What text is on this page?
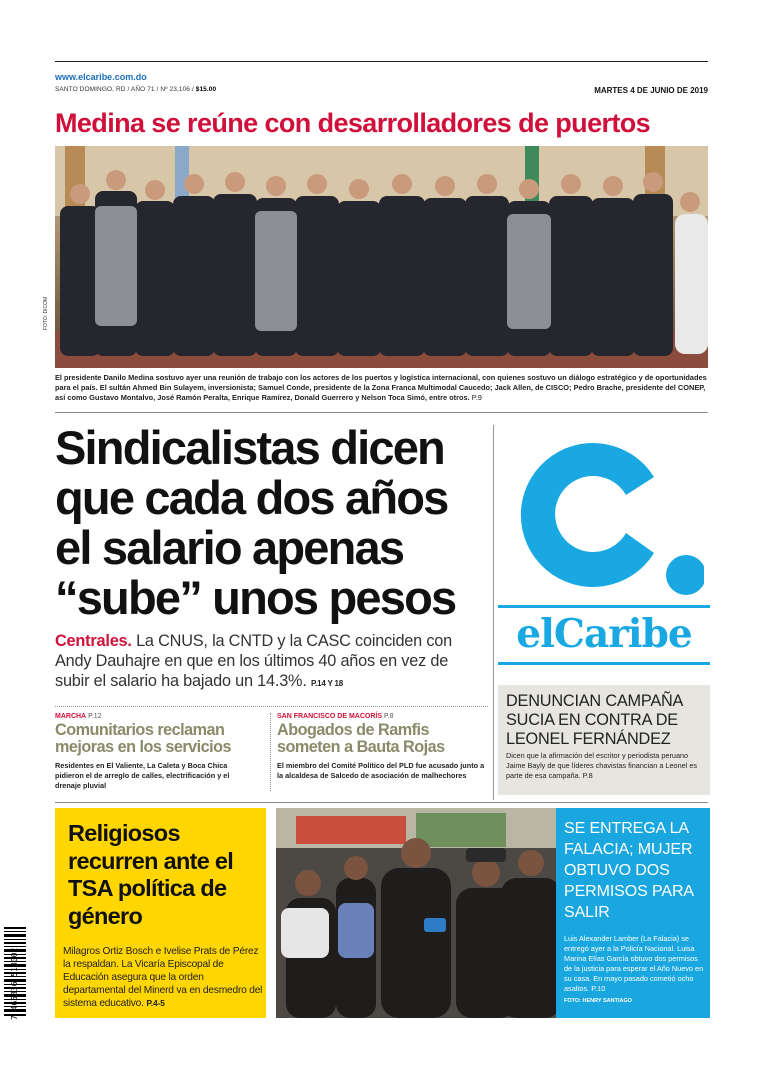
www.elcaribe.com.do
SANTO DOMINGO, RD / AÑO 71 / Nº 23,106 / $15.00	MARTES 4 DE JUNIO DE 2019
Medina se reúne con desarrolladores de puertos
FOTO: DICOM
El presidente Danilo Medina sostuvo ayer una reunión de trabajo con los actores de los puertos y logística internacional, con quienes sostuvo un diálogo estratégico y de oportunidades para el país. El sultán Ahmed Bin Sulayem, inversionista; Samuel Conde, presidente de la Zona Franca Multimodal Caucedo; Jack Allen, de CISCO; Pedro Brache, presidente del CONEP, así como Gustavo Montalvo, José Ramón Peralta, Enrique Ramírez, Donald Guerrero y Nelson Toca Simó, entre otros. P.9
Sindicalistas dicen
que cada dos años
el salario apenas
“sube” unos pesos
Centrales. La CNUS, la CNTD y la CASC coinciden con Andy Dauhajre en que en los últimos 40 años en vez de subir el salario ha bajado un 14.3%. P.14 Y 18
MARCHA P.12
Comunitarios reclaman mejoras en los servicios
Residentes en El Valiente, La Caleta y Boca Chica pidieron el de arreglo de calles, electrificación y el drenaje pluvial
SAN FRANCISCO DE MACORÍS P.8
Abogados de Ramfis someten a Bauta Rojas
El miembro del Comité Político del PLD fue acusado junto a la alcaldesa de Salcedo de asociación de malhechores
elCaribe
DENUNCIAN CAMPAÑA SUCIA EN CONTRA DE LEONEL FERNÁNDEZ
Dicen que la afirmación del escritor y periodista peruano Jaime Bayly de que líderes chavistas financian a Leonel es parte de esa campaña. P.8
Religiosos recurren ante el TSA política de género
Milagros Ortiz Bosch e Ivelise Prats de Pérez la respaldan. La Vicaría Episcopal de Educación asegura que la orden departamental del Minerd va en desmedro del sistema educativo. P.4-5
SE ENTREGA LA FALACIA; MUJER OBTUVO DOS PERMISOS PARA SALIR
Luis Alexander Lamber (La Falacia) se entregó ayer a la Policía Nacional. Luisa Marina Elías García obtuvo dos permisos de la justicia para esperar el Año Nuevo en su casa. En mayo pasado cometió ocho asaltos. P.10
FOTO: HENRY SANTIAGO
7 465336 518002
